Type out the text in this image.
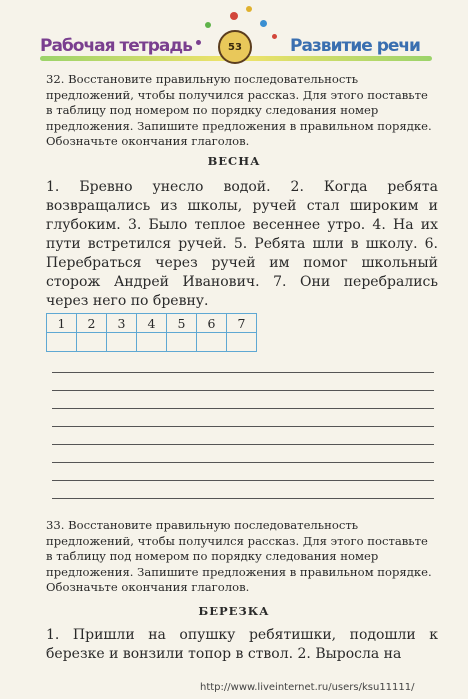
Рабочая тетрадь	53	Развитие речи

32. Восстановите правильную последовательность предложений, чтобы получился рассказ. Для этого поставьте в таблицу под номером по порядку следования номер предложения. Запишите предложения в правильном порядке. Обозначьте окончания глаголов.

ВЕСНА

1. Бревно унесло водой. 2. Когда ребята возвращались из школы, ручей стал широким и глубоким. 3. Было теплое весеннее утро. 4. На их пути встретился ручей. 5. Ребята шли в школу. 6. Перебраться через ручей им помог школьный сторож Андрей Иванович. 7. Они перебрались через него по бревну.

1	2	3	4	5	6	7

33. Восстановите правильную последовательность предложений, чтобы получился рассказ. Для этого поставьте в таблицу под номером по порядку следования номер предложения. Запишите предложения в правильном порядке. Обозначьте окончания глаголов.

БЕРЕЗКА

1. Пришли на опушку ребятишки, подошли к березке и вонзили топор в ствол. 2. Выросла на

http://www.liveinternet.ru/users/ksu11111/
